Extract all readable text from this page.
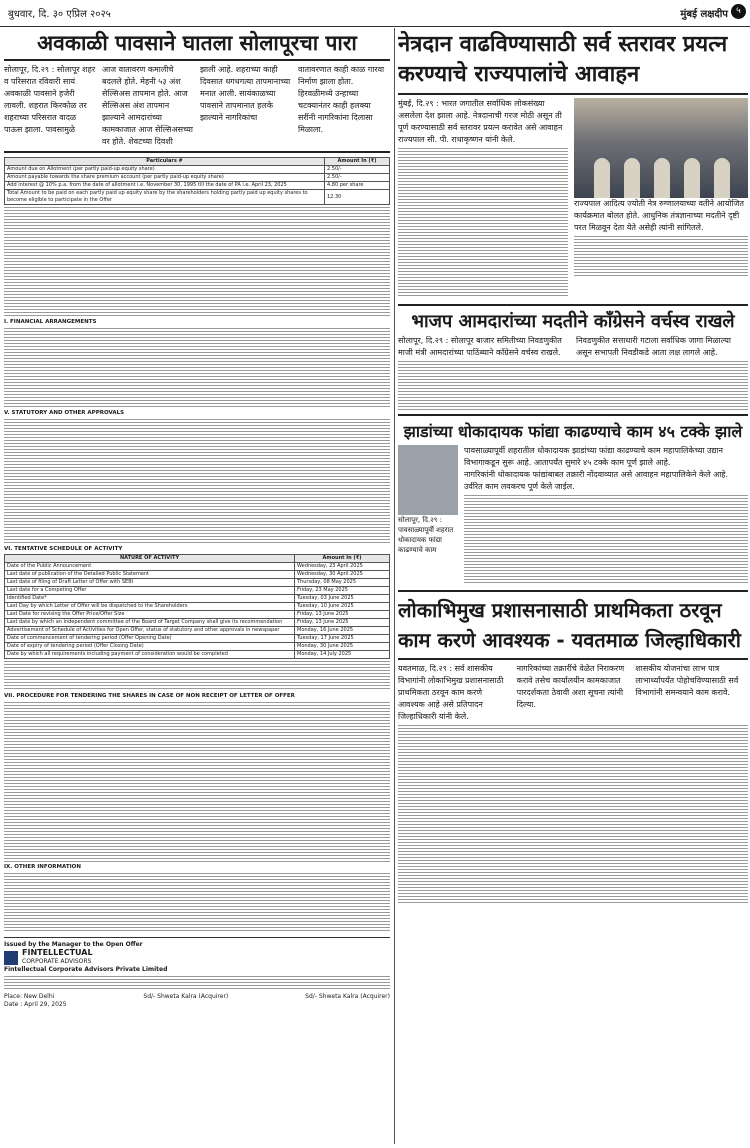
बुधवार, दि. ३० एप्रिल २०२५	मुंबई लक्षदीप ५
अवकाळी पावसाने घातला सोलापूरचा पारा

सोलापूर, दि.२९ : सोलापूर शहर व परिसरात रविवारी सायं अवकाळी पावसाने हजेरी लावली. शहरात किरकोळ तर शहराच्या परिसरात वादळ पाऊस झाला. पावसामुळे

आज वातावरण कमालीचे बदलले होते. मेहनी ५३ अंश सेल्सिअस तापमान होते. आज सेल्सिअस अंश तापमान झाल्याने आमदारांच्या कामकाजात आज सेल्सिअसच्या वर होते. शेवटच्या दिवशी

झाली आहे. शहराच्या काही दिवसात धगधगत्या तापमानाच्या मनात आली. सायंकाळच्या पावसाने तापमानात हलके झाल्याने नागरिकांचा

वातावरणात काही काळ गारवा निर्माण झाला होता. हिरवळीमध्ये उन्हाच्या चटक्यानंतर काही हलक्या सरींनी नागरिकांना दिलासा मिळाला.

Particulars #	Amount In (₹)
Amount due on Allotment (per partly paid-up equity share)	2.50/-
Amount payable towards the share premium account (per partly paid-up equity share)	2.50/-
Add interest @ 10% p.a. from the date of allotment i.e. November 30, 1995 till the date of PA i.e. April 23, 2025	4.80 per share
Total Amount to be paid on each partly paid up equity share by the shareholders holding partly paid up equity shares to become eligible to participate in the Offer	12.30
I. FINANCIAL ARRANGEMENTS
V. STATUTORY AND OTHER APPROVALS
VI. TENTATIVE SCHEDULE OF ACTIVITY
NATURE OF ACTIVITY	Amount In (₹)
Date of the Public Announcement	Wednesday, 23 April 2025
Last date of publication of the Detailed Public Statement	Wednesday, 30 April 2025
Last date of filing of Draft Letter of Offer with SEBI	Thursday, 08 May 2025
Last date for a Competing Offer	Friday, 23 May 2025
Identified Date*	Tuesday, 03 June 2025
Last Day by which Letter of Offer will be dispatched to the Shareholders	Tuesday, 10 June 2025
Last Date for revising the Offer Price/Offer Size	Friday, 13 June 2025
Last date by which an independent committee of the Board of Target Company shall give its recommendation	Friday, 13 June 2025
Advertisement of Schedule of Activities for Open Offer, status of statutory and other approvals in newspaper	Monday, 16 June 2025
Date of commencement of tendering period (Offer Opening Date)	Tuesday, 17 June 2025
Date of expiry of tendering period (Offer Closing Date)	Monday, 30 June 2025
Date by which all requirements including payment of consideration would be completed	Monday, 14 July 2025
VII. PROCEDURE FOR TENDERING THE SHARES IN CASE OF NON RECEIPT OF LETTER OF OFFER
IX. OTHER INFORMATION
Issued by the Manager to the Open Offer
FINTELLECTUAL
CORPORATE ADVISORS
Fintellectual Corporate Advisors Private Limited
Place: New Delhi
Date : April 29, 2025
Sd/- Shweta Kalra (Acquirer)	Sd/- Shweta Kalra (Acquirer)
नेत्रदान वाढविण्यासाठी सर्व स्तरावर प्रयत्न करण्याचे राज्यपालांचे आवाहन

मुंबई, दि.२९ : भारत जगातील सर्वाधिक लोकसंख्या असलेला देश झाला आहे. नेत्रदानाची गरज मोठी असून ती पूर्ण करण्यासाठी सर्व स्तरावर प्रयत्न करावेत असे आवाहन राज्यपाल सी. पी. राधाकृष्णन यांनी केले.

राज्यपाल आदित्य ज्योती नेत्र रुग्णालयाच्या वतीने आयोजित कार्यक्रमात बोलत होते. आधुनिक तंत्रज्ञानाच्या मदतीने दृष्टी परत मिळवून देता येते असेही त्यांनी सांगितले.

भाजप आमदारांच्या मदतीने काँग्रेसने वर्चस्व राखले

सोलापूर, दि.२९ : सोलापूर बाजार समितीच्या निवडणुकीत माजी मंत्री आमदारांच्या पाठिंब्याने काँग्रेसने वर्चस्व राखले.

निवडणुकीत सत्ताधारी गटाला सर्वाधिक जागा मिळाल्या असून सभापती निवडीकडे आता लक्ष लागले आहे.

झाडांच्या धोकादायक फांद्या काढण्याचे काम ४५ टक्के झाले
सोलापूर, दि.२९ : पावसाळ्यापूर्वी शहरात धोकादायक फांद्या काढण्याचे काम

पावसाळ्यापूर्वी शहरातील धोकादायक झाडांच्या फांद्या काढण्याचे काम महापालिकेच्या उद्यान विभागाकडून सुरू आहे. आतापर्यंत सुमारे ४५ टक्के काम पूर्ण झाले आहे.

नागरिकांनी धोकादायक फांद्यांबाबत तक्रारी नोंदवाव्यात असे आवाहन महापालिकेने केले आहे. उर्वरित काम लवकरच पूर्ण केले जाईल.

लोकाभिमुख प्रशासनासाठी प्राथमिकता ठरवून काम करणे आवश्यक - यवतमाळ जिल्हाधिकारी

यवतमाळ, दि.२९ : सर्व शासकीय विभागांनी लोकाभिमुख प्रशासनासाठी प्राथमिकता ठरवून काम करणे आवश्यक आहे असे प्रतिपादन जिल्हाधिकारी यांनी केले.

नागरिकांच्या तक्रारींचे वेळेत निराकरण करावे तसेच कार्यालयीन कामकाजात पारदर्शकता ठेवावी अशा सूचना त्यांनी दिल्या.

शासकीय योजनांचा लाभ पात्र लाभार्थ्यांपर्यंत पोहोचविण्यासाठी सर्व विभागांनी समन्वयाने काम करावे.
